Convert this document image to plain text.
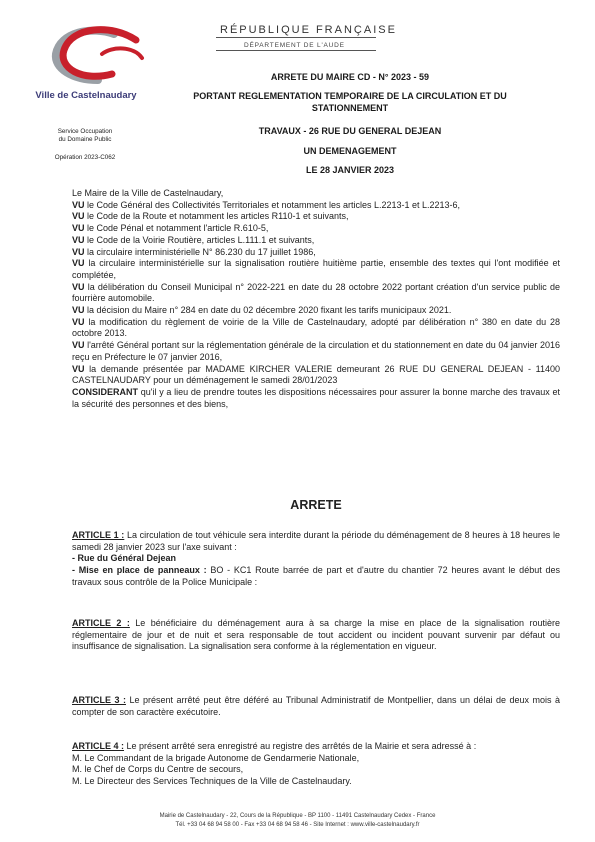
Ville de Castelnaudary
RÉPUBLIQUE FRANÇAISE
DÉPARTEMENT DE L'AUDE
ARRETE DU MAIRE CD - N° 2023 - 59
PORTANT REGLEMENTATION TEMPORAIRE DE LA CIRCULATION ET DU
STATIONNEMENT
TRAVAUX - 26 RUE DU GENERAL DEJEAN
UN DEMENAGEMENT
LE 28 JANVIER 2023
Service Occupation
du Domaine Public
Opération 2023-C062

Le Maire de la Ville de Castelnaudary,

VU le Code Général des Collectivités Territoriales et notamment les articles L.2213-1 et L.2213-6,

VU le Code de la Route et notamment les articles R110-1 et suivants,

VU le Code Pénal et notamment l'article R.610-5,

VU le Code de la Voirie Routière, articles L.111.1 et suivants,

VU la circulaire interministérielle N° 86.230 du 17 juillet 1986,

VU la circulaire interministérielle sur la signalisation routière huitième partie, ensemble des textes qui l'ont modifiée et complétée,

VU la délibération du Conseil Municipal n° 2022-221 en date du 28 octobre 2022 portant création d'un service public de fourrière automobile.

VU la décision du Maire n° 284 en date du 02 décembre 2020 fixant les tarifs municipaux 2021.

VU la modification du règlement de voirie de la Ville de Castelnaudary, adopté par délibération n° 380 en date du 28 octobre 2013.

VU l'arrêté Général portant sur la réglementation générale de la circulation et du stationnement en date du 04 janvier 2016 reçu en Préfecture le 07 janvier 2016,

VU la demande présentée par MADAME KIRCHER VALERIE demeurant 26 RUE DU GENERAL DEJEAN - 11400 CASTELNAUDARY pour un déménagement le samedi 28/01/2023

CONSIDERANT qu'il y a lieu de prendre toutes les dispositions nécessaires pour assurer la bonne marche des travaux et la sécurité des personnes et des biens,

ARRETE

ARTICLE 1 : La circulation de tout véhicule sera interdite durant la période du déménagement de 8 heures à 18 heures le samedi 28 janvier 2023 sur l'axe suivant :

- Rue du Général Dejean

- Mise en place de panneaux : BO - KC1 Route barrée de part et d'autre du chantier 72 heures avant le début des travaux sous contrôle de la Police Municipale :

ARTICLE 2 : Le bénéficiaire du déménagement aura à sa charge la mise en place de la signalisation routière réglementaire de jour et de nuit et sera responsable de tout accident ou incident pouvant survenir par défaut ou insuffisance de signalisation. La signalisation sera conforme à la réglementation en vigueur.

ARTICLE 3 : Le présent arrêté peut être déféré au Tribunal Administratif de Montpellier, dans un délai de deux mois à compter de son caractère exécutoire.

ARTICLE 4 : Le présent arrêté sera enregistré au registre des arrêtés de la Mairie et sera adressé à :

M. Le Commandant de la brigade Autonome de Gendarmerie Nationale,

M. le Chef de Corps du Centre de secours,

M. Le Directeur des Services Techniques de la Ville de Castelnaudary.

Mairie de Castelnaudary - 22, Cours de la République - BP 1100 - 11491 Castelnaudary Cedex - France
Tél. +33 04 68 94 58 00 - Fax +33 04 68 94 58 46 - Site Internet : www.ville-castelnaudary.fr
